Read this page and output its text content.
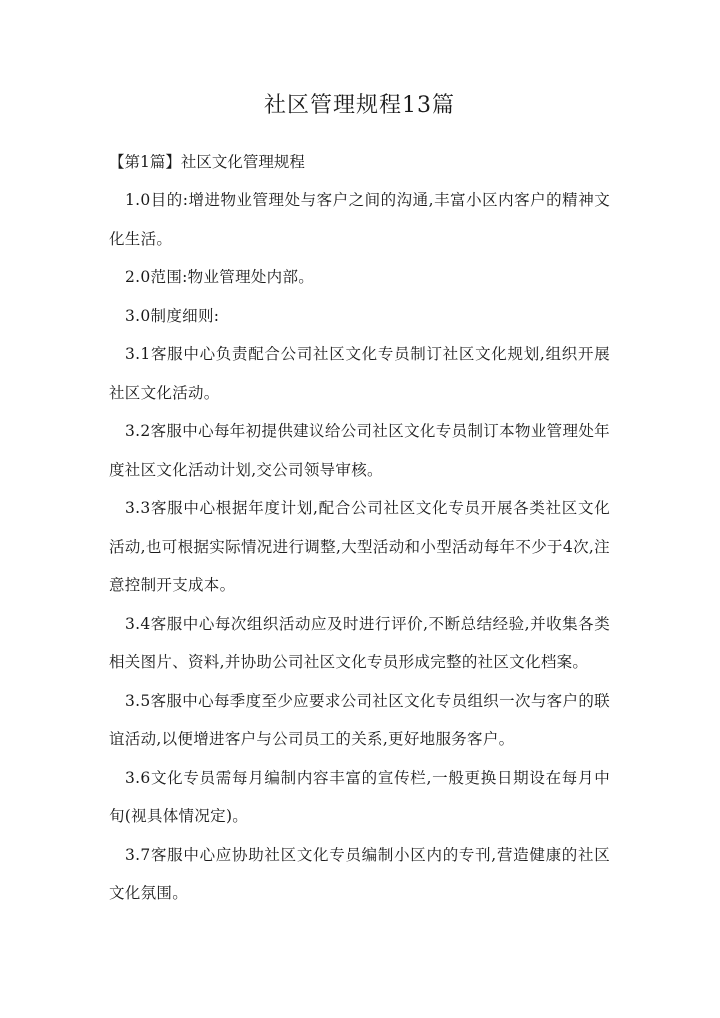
社区管理规程13篇
【第1篇】社区文化管理规程

1.0目的:增进物业管理处与客户之间的沟通,丰富小区内客户的精神文化生活。

2.0范围:物业管理处内部。

3.0制度细则:

3.1客服中心负责配合公司社区文化专员制订社区文化规划,组织开展社区文化活动。

3.2客服中心每年初提供建议给公司社区文化专员制订本物业管理处年度社区文化活动计划,交公司领导审核。

3.3客服中心根据年度计划,配合公司社区文化专员开展各类社区文化活动,也可根据实际情况进行调整,大型活动和小型活动每年不少于4次,注意控制开支成本。

3.4客服中心每次组织活动应及时进行评价,不断总结经验,并收集各类相关图片、资料,并协助公司社区文化专员形成完整的社区文化档案。

3.5客服中心每季度至少应要求公司社区文化专员组织一次与客户的联谊活动,以便增进客户与公司员工的关系,更好地服务客户。

3.6文化专员需每月编制内容丰富的宣传栏,一般更换日期设在每月中旬(视具体情况定)。

3.7客服中心应协助社区文化专员编制小区内的专刊,营造健康的社区文化氛围。
